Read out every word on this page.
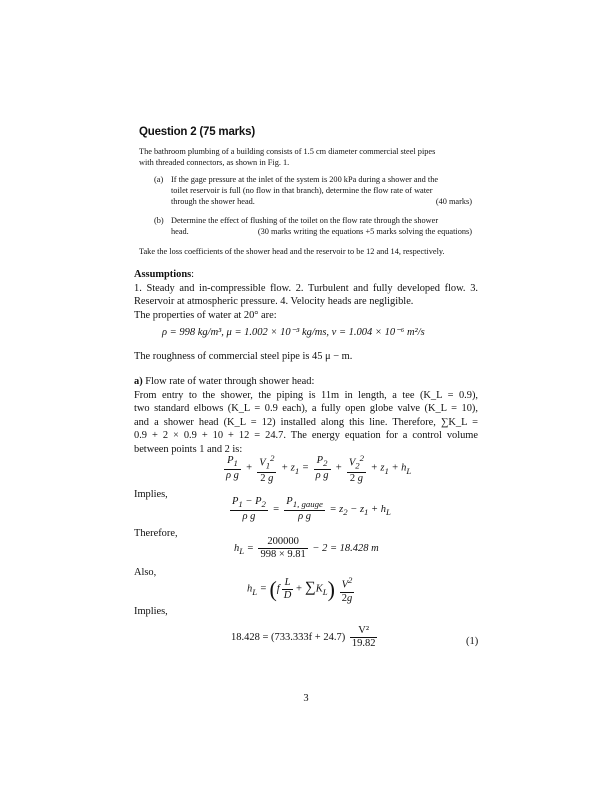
Question 2 (75 marks)
The bathroom plumbing of a building consists of 1.5 cm diameter commercial steel pipes
with threaded connectors, as shown in Fig. 1.
(a) If the gage pressure at the inlet of the system is 200 kPa during a shower and the
toilet reservoir is full (no flow in that branch), determine the flow rate of water
through the shower head.	(40 marks)
(b) Determine the effect of flushing of the toilet on the flow rate through the shower
head.	(30 marks writing the equations +5 marks solving the equations)
Take the loss coefficients of the shower head and the reservoir to be 12 and 14, respectively.
Assumptions:
1. Steady and in-compressible flow. 2. Turbulent and fully developed flow. 3.
Reservoir at atmospheric pressure. 4. Velocity heads are negligible.
The properties of water at 20° are:
ρ = 998 kg/m³, μ = 1.002 × 10⁻³ kg/ms, ν = 1.004 × 10⁻⁶ m²/s
The roughness of commercial steel pipe is 45 μ − m.
a) Flow rate of water through shower head:
From entry to the shower, the piping is 11m in length, a tee (K_L = 0.9),
two standard elbows (K_L = 0.9 each), a fully open globe valve (K_L = 10),
and a shower head (K_L = 12) installed along this line. Therefore, ∑K_L =
0.9 + 2 × 0.9 + 10 + 12 = 24.7. The energy equation for a control volume
between points 1 and 2 is:
$\frac{P_1}{\text{ρ g}} + \frac{V_1^2}{2 g} + z_1 = \frac{P_2}{\text{ρ g}} + \frac{V_2^2}{2 g} + z_1 + h_L$
Implies,
$\frac{P_1 - P_2}{\text{ρ g}} = \frac{P_{1, gauge}}{\text{ρ g}} = z_2 - z_1 + h_L$
Therefore,
$h_L = \frac{200000}{998 \times 9.81} - 2 = 18.428$ m
Also,
$h_L = (f \frac{L}{D} + \sum K_L) \frac{V^2}{2g}$
Implies,
$18.428 = (733.333f + 24.7) \frac{\text{V²}}{19.82}$	(1)
3
